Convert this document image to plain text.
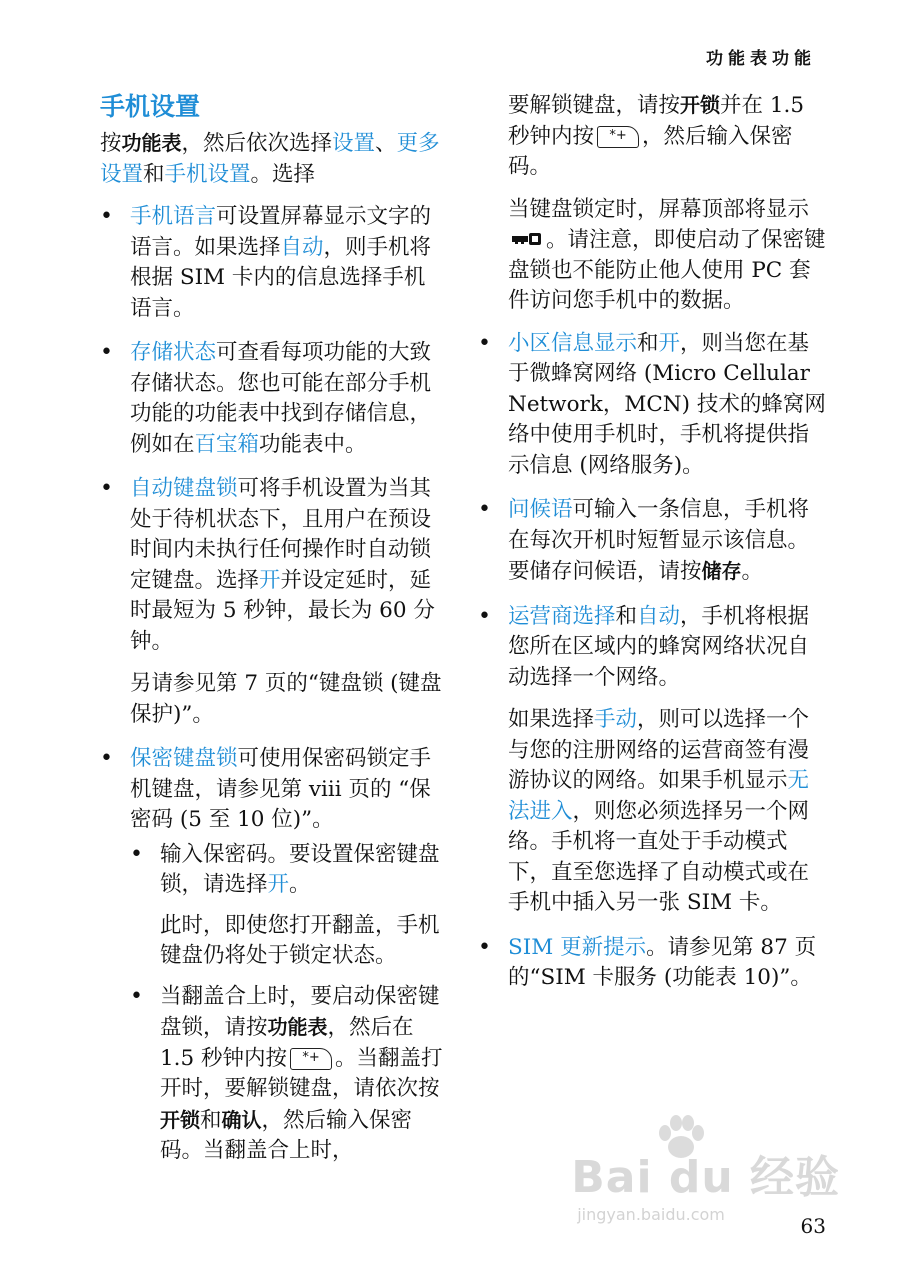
功能表功能
手机设置

按功能表，然后依次选择设置、更多设置和手机设置。选择

• 手机语言可设置屏幕显示文字的语言。如果选择自动，则手机将根据 SIM 卡内的信息选择手机语言。
• 存储状态可查看每项功能的大致存储状态。您也可能在部分手机功能的功能表中找到存储信息，例如在百宝箱功能表中。
• 自动键盘锁可将手机设置为当其处于待机状态下，且用户在预设时间内未执行任何操作时自动锁定键盘。选择开并设定延时，延时最短为 5 秒钟，最长为 60 分钟。

另请参见第 7 页的“键盘锁 (键盘保护)”。

• 保密键盘锁可使用保密码锁定手机键盘，请参见第 viii 页的 “保密码 (5 至 10 位)”。
• 输入保密码。要设置保密键盘锁，请选择开。

此时，即使您打开翻盖，手机键盘仍将处于锁定状态。

• 当翻盖合上时，要启动保密键盘锁，请按功能表，然后在 1.5 秒钟内按 *+ 。当翻盖打开时，要解锁键盘，请依次按开锁和确认，然后输入保密码。当翻盖合上时，

要解锁键盘，请按开锁并在 1.5 秒钟内按 *+ ，然后输入保密码。

当键盘锁定时，屏幕顶部将显示。请注意，即使启动了保密键盘锁也不能防止他人使用 PC 套件访问您手机中的数据。

• 小区信息显示和开，则当您在基于微蜂窝网络 (Micro Cellular Network，MCN) 技术的蜂窝网络中使用手机时，手机将提供指示信息 (网络服务)。
• 问候语可输入一条信息，手机将在每次开机时短暂显示该信息。要储存问候语，请按储存。
• 运营商选择和自动，手机将根据您所在区域内的蜂窝网络状况自动选择一个网络。

如果选择手动，则可以选择一个与您的注册网络的运营商签有漫游协议的网络。如果手机显示无法进入，则您必须选择另一个网络。手机将一直处于手动模式下，直至您选择了自动模式或在手机中插入另一张 SIM 卡。

• SIM 更新提示。请参见第 87 页的“SIM 卡服务 (功能表 10)”。
Bai du 经验
jingyan.baidu.com	63
